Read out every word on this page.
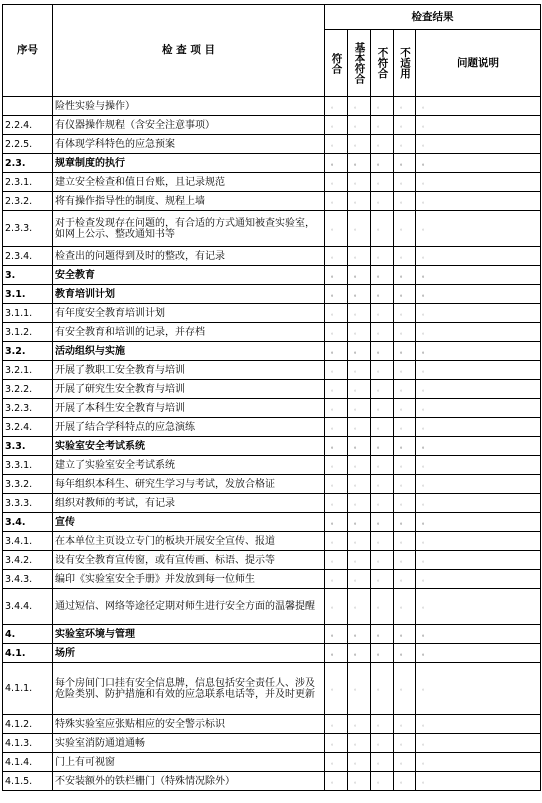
序号	检 查 项 目	检查结果				

		符合	基本符合	不符合	不适用	问题说明
	险性实验与操作）	。	。	。	。	。
2.2.4.	有仪器操作规程（含安全注意事项）	。	。	。	。	。
2.2.5.	有体现学科特色的应急预案	。	。	。	。	。
2.3.	规章制度的执行	。	。	。	。	。
2.3.1.	建立安全检查和值日台账，且记录规范	。	。	。	。	。
2.3.2.	将有操作指导性的制度、规程上墙	。	。	。	。	。
2.3.3.	对于检查发现存在问题的，有合适的方式通知被查实验室，如网上公示、整改通知书等	。	。	。	。	。
2.3.4.	检查出的问题得到及时的整改，有记录	。	。	。	。	。
3.	安全教育	。	。	。	。	。
3.1.	教育培训计划	。	。	。	。	。
3.1.1.	有年度安全教育培训计划	。	。	。	。	。
3.1.2.	有安全教育和培训的记录，并存档	。	。	。	。	。
3.2.	活动组织与实施	。	。	。	。	。
3.2.1.	开展了教职工安全教育与培训	。	。	。	。	。
3.2.2.	开展了研究生安全教育与培训	。	。	。	。	。
3.2.3.	开展了本科生安全教育与培训	。	。	。	。	。
3.2.4.	开展了结合学科特点的应急演练	。	。	。	。	。
3.3.	实验室安全考试系统	。	。	。	。	。
3.3.1.	建立了实验室安全考试系统	。	。	。	。	。
3.3.2.	每年组织本科生、研究生学习与考试，发放合格证	。	。	。	。	。
3.3.3.	组织对教师的考试，有记录	。	。	。	。	。
3.4.	宣传	。	。	。	。	。
3.4.1.	在本单位主页设立专门的板块开展安全宣传、报道	。	。	。	。	。
3.4.2.	设有安全教育宣传窗，或有宣传画、标语、提示等	。	。	。	。	。
3.4.3.	编印《实验室安全手册》并发放到每一位师生	。	。	。	。	。
3.4.4.	通过短信、网络等途径定期对师生进行安全方面的温馨提醒	。	。	。	。	。
4.	实验室环境与管理	。	。	。	。	。
4.1.	场所	。	。	。	。	。
4.1.1.	每个房间门口挂有安全信息牌，信息包括安全责任人、涉及危险类别、防护措施和有效的应急联系电话等，并及时更新	。	。	。	。	。
4.1.2.	特殊实验室应张贴相应的安全警示标识	。	。	。	。	。
4.1.3.	实验室消防通道通畅	。	。	。	。	。
4.1.4.	门上有可视窗	。	。	。	。	。
4.1.5.	不安装额外的铁栏栅门（特殊情况除外）	。	。	。	。	。
